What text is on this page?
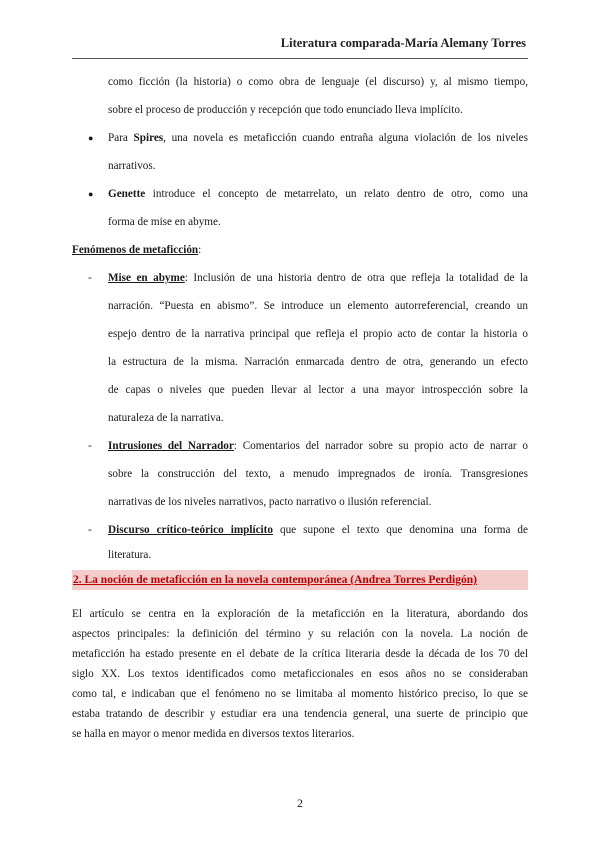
Literatura comparada-María Alemany Torres
como ficción (la historia) o como obra de lenguaje (el discurso) y, al mismo tiempo,
sobre el proceso de producción y recepción que todo enunciado lleva implícito.
● Para Spires, una novela es metaficción cuando entraña alguna violación de los niveles
narrativos.
● Genette introduce el concepto de metarrelato, un relato dentro de otro, como una
forma de mise en abyme.
Fenómenos de metaficción:
- Mise en abyme: Inclusión de una historia dentro de otra que refleja la totalidad de la
narración. “Puesta en abismo”. Se introduce un elemento autorreferencial, creando un
espejo dentro de la narrativa principal que refleja el propio acto de contar la historia o
la estructura de la misma. Narración enmarcada dentro de otra, generando un efecto
de capas o niveles que pueden llevar al lector a una mayor introspección sobre la
naturaleza de la narrativa.
- Intrusiones del Narrador: Comentarios del narrador sobre su propio acto de narrar o
sobre la construcción del texto, a menudo impregnados de ironía. Transgresiones
narrativas de los niveles narrativos, pacto narrativo o ilusión referencial.
- Discurso crítico-teórico implícito que supone el texto que denomina una forma de
literatura.
2. La noción de metaficción en la novela contemporánea (Andrea Torres Perdigón)
El artículo se centra en la exploración de la metaficción en la literatura, abordando dos
aspectos principales: la definición del término y su relación con la novela. La noción de
metaficción ha estado presente en el debate de la crítica literaria desde la década de los 70 del
siglo XX. Los textos identificados como metaficcionales en esos años no se consideraban
como tal, e indicaban que el fenómeno no se limitaba al momento histórico preciso, lo que se
estaba tratando de describir y estudiar era una tendencia general, una suerte de principio que
se halla en mayor o menor medida en diversos textos literarios.
2
